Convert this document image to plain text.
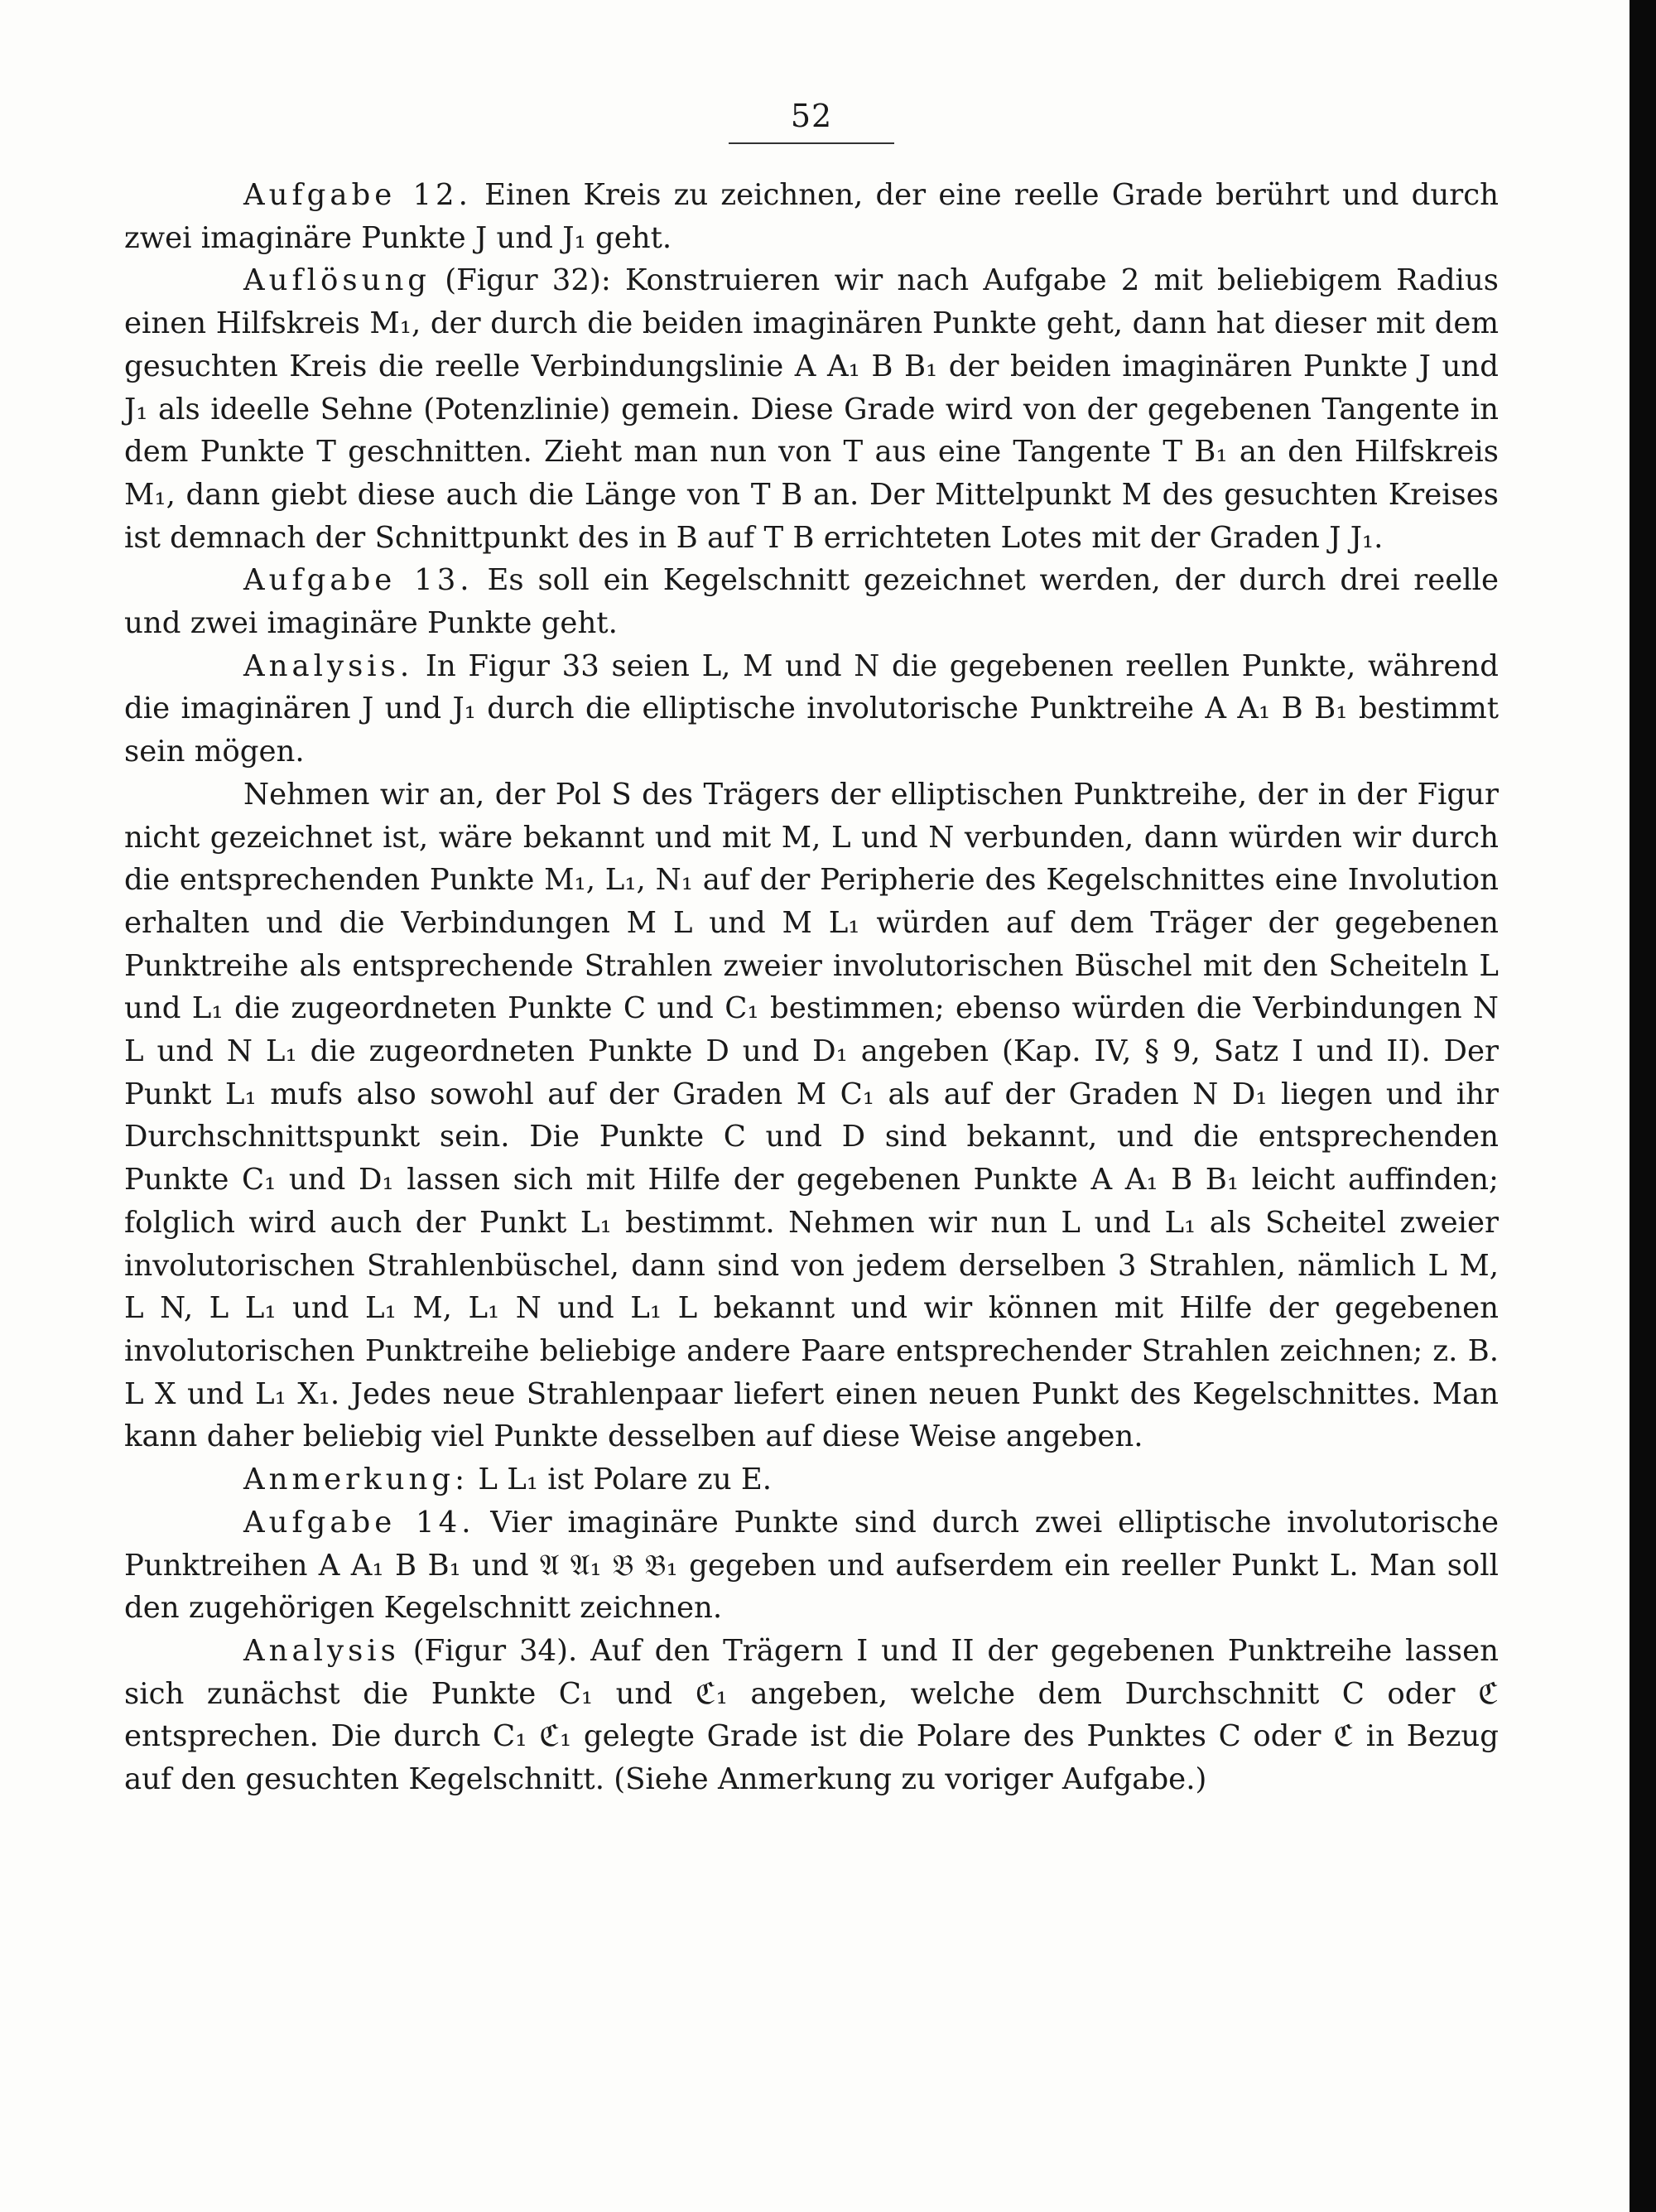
52

Aufgabe 12. Einen Kreis zu zeichnen, der eine reelle Grade berührt und durch zwei imaginäre Punkte J und J₁ geht.

Auflösung (Figur 32): Konstruieren wir nach Aufgabe 2 mit beliebigem Radius einen Hilfskreis M₁, der durch die beiden imaginären Punkte geht, dann hat dieser mit dem gesuchten Kreis die reelle Verbindungslinie A A₁ B B₁ der beiden imaginären Punkte J und J₁ als ideelle Sehne (Potenzlinie) gemein. Diese Grade wird von der gegebenen Tangente in dem Punkte T geschnitten. Zieht man nun von T aus eine Tangente T B₁ an den Hilfskreis M₁, dann giebt diese auch die Länge von T B an. Der Mittelpunkt M des gesuchten Kreises ist demnach der Schnittpunkt des in B auf T B errichteten Lotes mit der Graden J J₁.

Aufgabe 13. Es soll ein Kegelschnitt gezeichnet werden, der durch drei reelle und zwei imaginäre Punkte geht.

Analysis. In Figur 33 seien L, M und N die gegebenen reellen Punkte, während die imaginären J und J₁ durch die elliptische involutorische Punktreihe A A₁ B B₁ bestimmt sein mögen.

Nehmen wir an, der Pol S des Trägers der elliptischen Punktreihe, der in der Figur nicht gezeichnet ist, wäre bekannt und mit M, L und N verbunden, dann würden wir durch die entsprechenden Punkte M₁, L₁, N₁ auf der Peripherie des Kegelschnittes eine Involution erhalten und die Verbindungen M L und M L₁ würden auf dem Träger der gegebenen Punktreihe als entsprechende Strahlen zweier involutorischen Büschel mit den Scheiteln L und L₁ die zugeordneten Punkte C und C₁ bestimmen; ebenso würden die Verbindungen N L und N L₁ die zugeordneten Punkte D und D₁ angeben (Kap. IV, § 9, Satz I und II). Der Punkt L₁ mufs also sowohl auf der Graden M C₁ als auf der Graden N D₁ liegen und ihr Durchschnittspunkt sein. Die Punkte C und D sind bekannt, und die entsprechenden Punkte C₁ und D₁ lassen sich mit Hilfe der gegebenen Punkte A A₁ B B₁ leicht auffinden; folglich wird auch der Punkt L₁ bestimmt. Nehmen wir nun L und L₁ als Scheitel zweier involutorischen Strahlenbüschel, dann sind von jedem derselben 3 Strahlen, nämlich L M, L N, L L₁ und L₁ M, L₁ N und L₁ L bekannt und wir können mit Hilfe der gegebenen involutorischen Punktreihe beliebige andere Paare entsprechender Strahlen zeichnen; z. B. L X und L₁ X₁. Jedes neue Strahlenpaar liefert einen neuen Punkt des Kegelschnittes. Man kann daher beliebig viel Punkte desselben auf diese Weise angeben.

Anmerkung: L L₁ ist Polare zu E.

Aufgabe 14. Vier imaginäre Punkte sind durch zwei elliptische involutorische Punktreihen A A₁ B B₁ und 𝔄 𝔄₁ 𝔅 𝔅₁ gegeben und aufserdem ein reeller Punkt L. Man soll den zugehörigen Kegelschnitt zeichnen.

Analysis (Figur 34). Auf den Trägern I und II der gegebenen Punktreihe lassen sich zunächst die Punkte C₁ und ℭ₁ angeben, welche dem Durchschnitt C oder ℭ entsprechen. Die durch C₁ ℭ₁ gelegte Grade ist die Polare des Punktes C oder ℭ in Bezug auf den gesuchten Kegelschnitt. (Siehe Anmerkung zu voriger Aufgabe.)
